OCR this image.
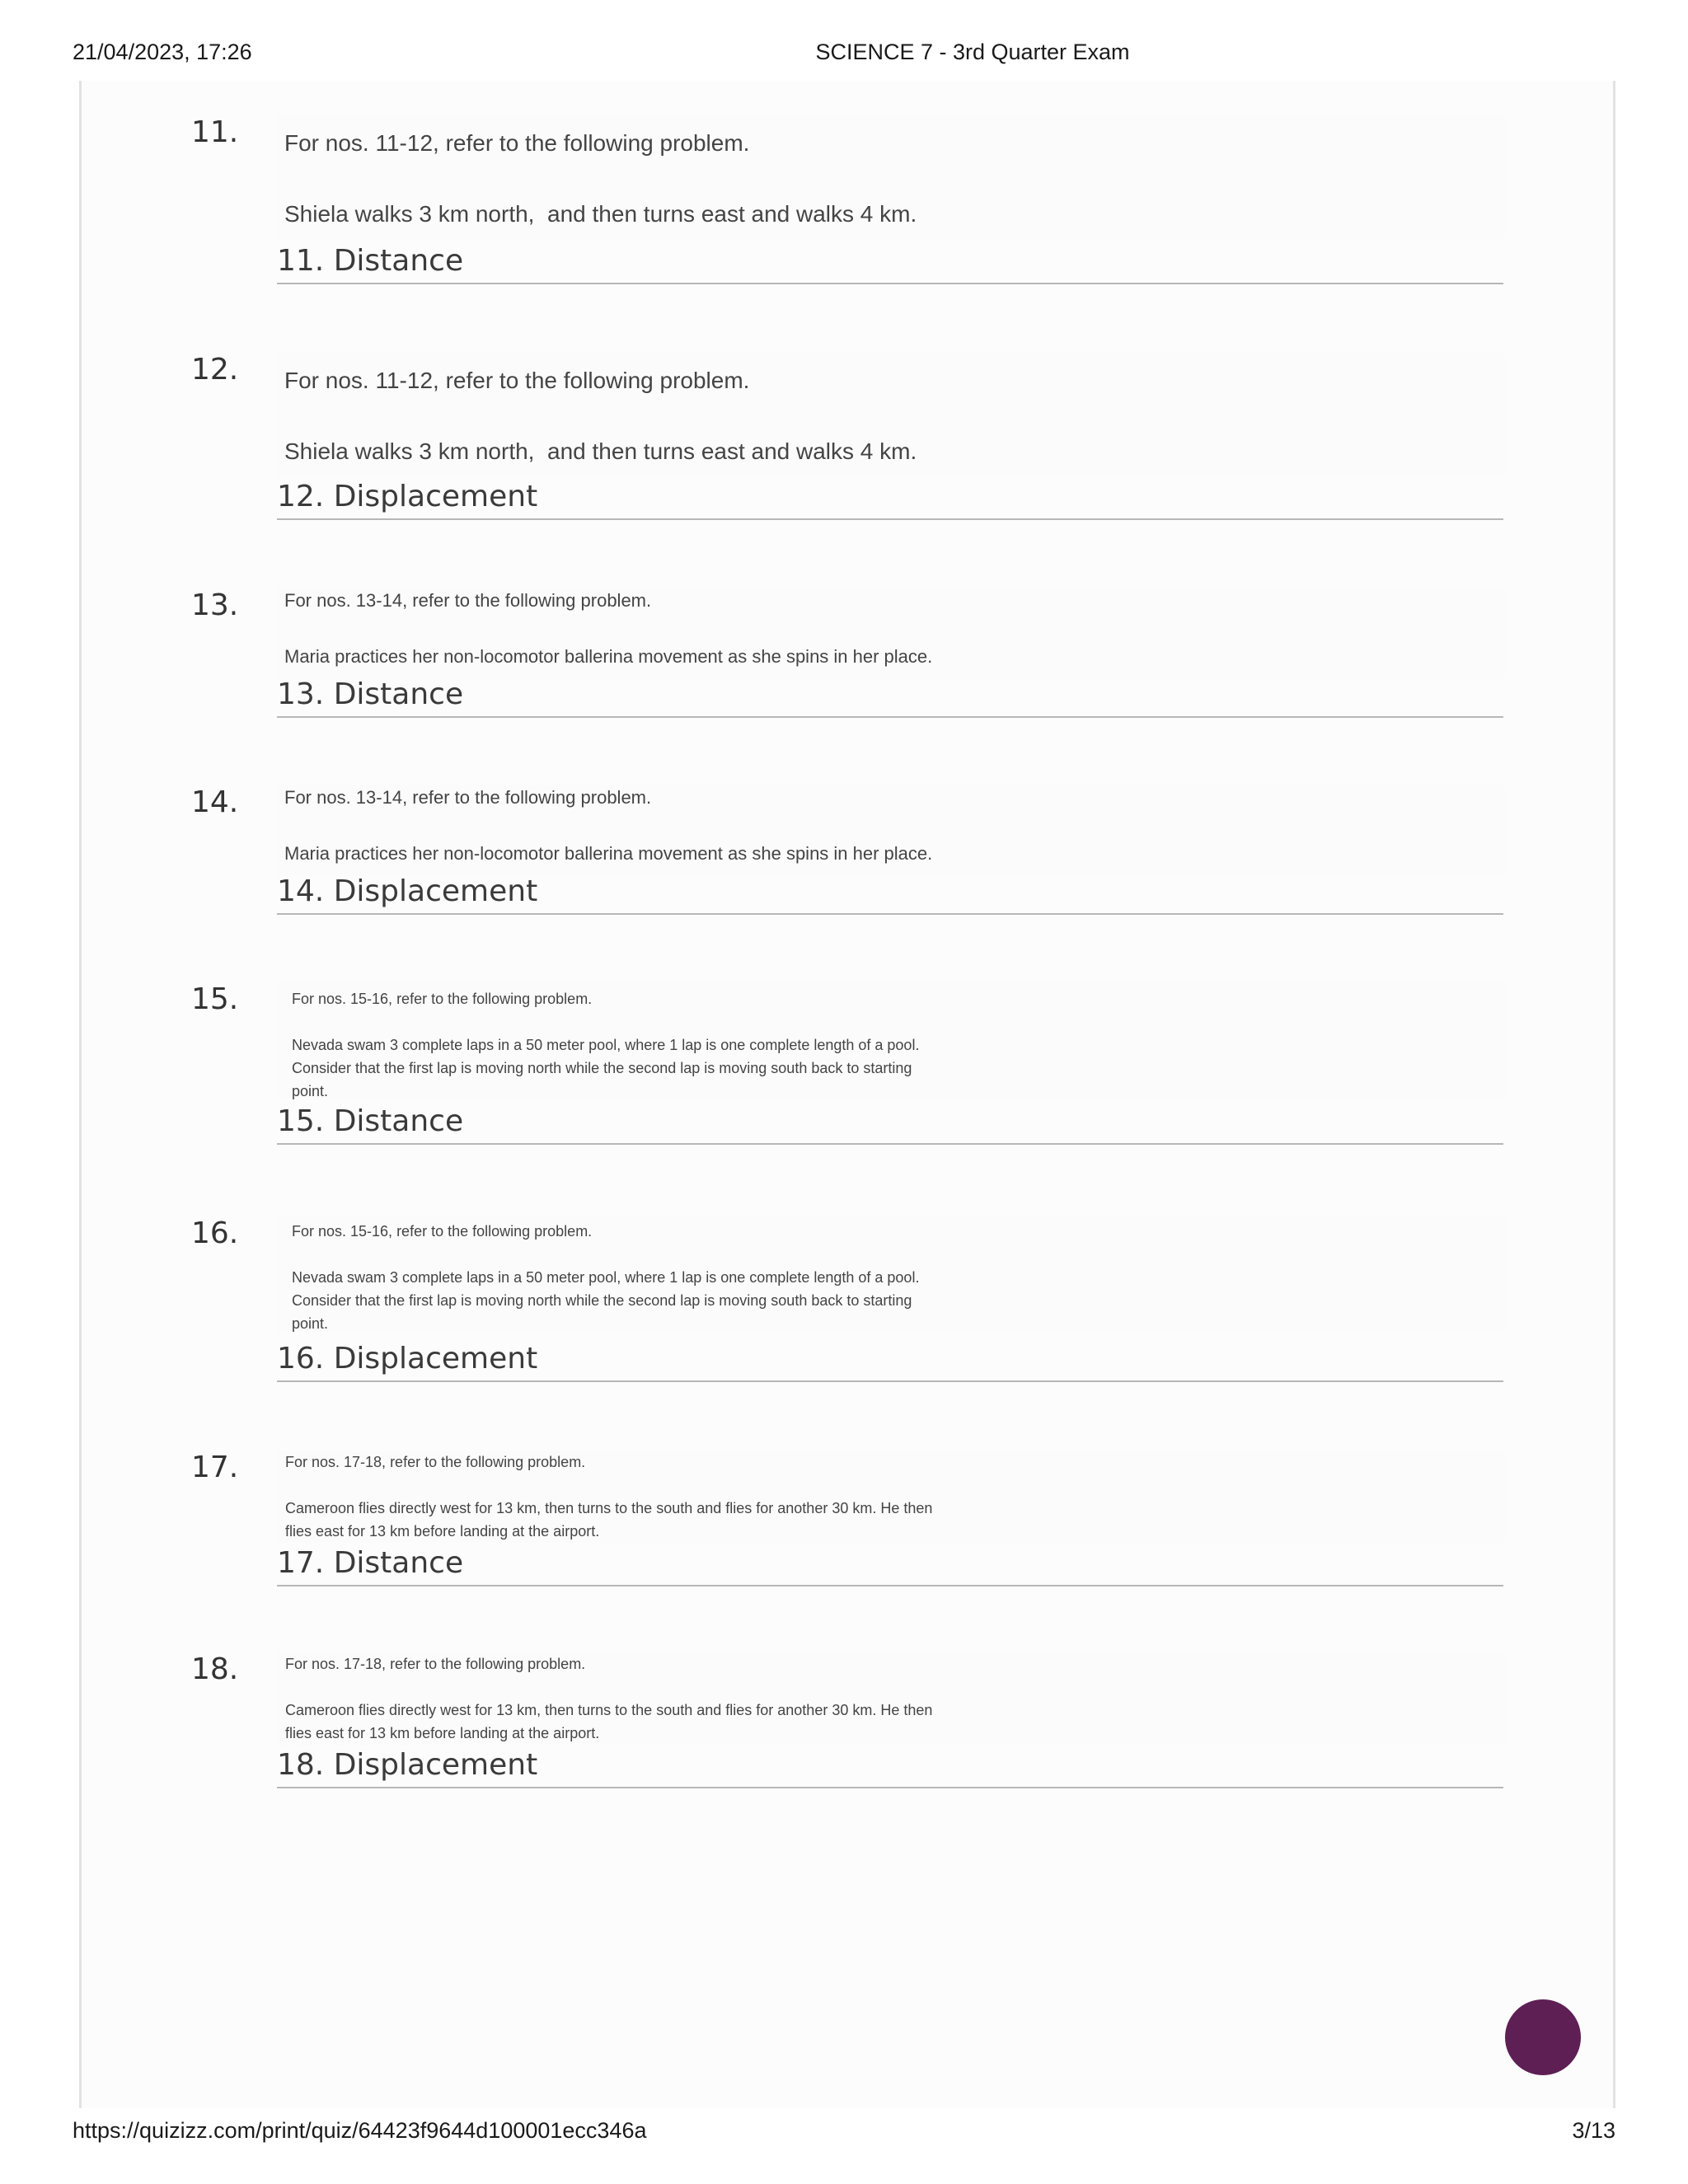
21/04/2023, 17:26	SCIENCE 7 - 3rd Quarter Exam
11. For nos. 11-12, refer to the following problem.
Shiela walks 3 km north,  and then turns east and walks 4 km.
11. Distance
12. For nos. 11-12, refer to the following problem.
Shiela walks 3 km north,  and then turns east and walks 4 km.
12. Displacement
13.	For nos. 13-14, refer to the following problem.
Maria practices her non-locomotor ballerina movement as she spins in her place.
13. Distance
14.	For nos. 13-14, refer to the following problem.
Maria practices her non-locomotor ballerina movement as she spins in her place.
14. Displacement
15.	For nos. 15-16, refer to the following problem.
Nevada swam 3 complete laps in a 50 meter pool, where 1 lap is one complete length of a pool.
Consider that the first lap is moving north while the second lap is moving south back to starting
point.
15. Distance
16.	For nos. 15-16, refer to the following problem.
Nevada swam 3 complete laps in a 50 meter pool, where 1 lap is one complete length of a pool.
Consider that the first lap is moving north while the second lap is moving south back to starting
point.
16. Displacement
17.	For nos. 17-18, refer to the following problem.
Cameroon flies directly west for 13 km, then turns to the south and flies for another 30 km. He then
flies east for 13 km before landing at the airport.
17. Distance
18.	For nos. 17-18, refer to the following problem.
Cameroon flies directly west for 13 km, then turns to the south and flies for another 30 km. He then
flies east for 13 km before landing at the airport.
18. Displacement
https://quizizz.com/print/quiz/64423f9644d100001ecc346a	3/13
